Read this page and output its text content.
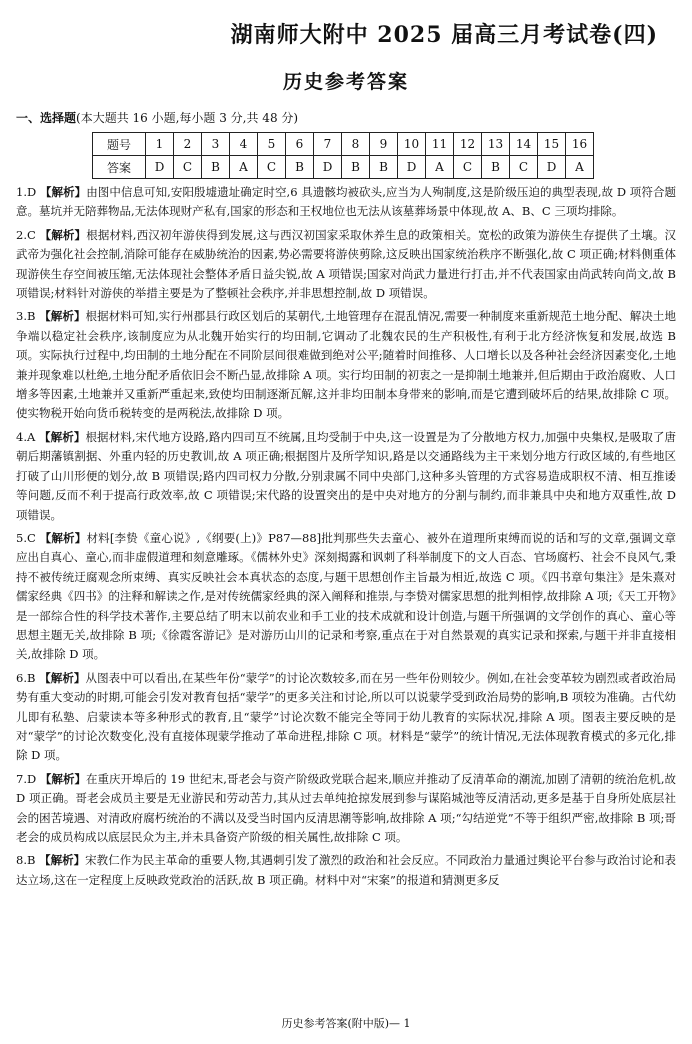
湖南师大附中 2025 届高三月考试卷(四)
历史参考答案
一、选择题(本大题共 16 小题,每小题 3 分,共 48 分)
题号	1	2	3	4	5	6	7	8	9	10	11	12	13	14	15	16
答案	D	C	B	A	C	B	D	B	B	D	A	C	B	C	D	A
1.D 【解析】由图中信息可知,安阳殷墟遗址确定时空,6 具遗骸均被砍头,应当为人殉制度,这是阶级压迫的典型表现,故 D 项符合题意。墓坑并无陪葬物品,无法体现财产私有,国家的形态和王权地位也无法从该墓葬场景中体现,故 A、B、C 三项均排除。
2.C 【解析】根据材料,西汉初年游侠得到发展,这与西汉初国家采取休养生息的政策相关。宽松的政策为游侠生存提供了土壤。汉武帝为强化社会控制,消除可能存在威胁统治的因素,势必需要将游侠剪除,这反映出国家统治秩序不断强化,故 C 项正确;材料侧重体现游侠生存空间被压缩,无法体现社会整体矛盾日益尖锐,故 A 项错误;国家对尚武力量进行打击,并不代表国家由尚武转向尚文,故 B 项错误;材料针对游侠的举措主要是为了整顿社会秩序,并非思想控制,故 D 项错误。
3.B 【解析】根据材料可知,实行州郡县行政区划后的某朝代,土地管理存在混乱情况,需要一种制度来重新规范土地分配、解决土地争端以稳定社会秩序,该制度应为从北魏开始实行的均田制,它调动了北魏农民的生产积极性,有利于北方经济恢复和发展,故选 B 项。实际执行过程中,均田制的土地分配在不同阶层间很难做到绝对公平;随着时间推移、人口增长以及各种社会经济因素变化,土地兼并现象难以杜绝,土地分配矛盾依旧会不断凸显,故排除 A 项。实行均田制的初衷之一是抑制土地兼并,但后期由于政治腐败、人口增多等因素,土地兼并又重新严重起来,致使均田制逐渐瓦解,这并非均田制本身带来的影响,而是它遭到破坏后的结果,故排除 C 项。使实物税开始向货币税转变的是两税法,故排除 D 项。
4.A 【解析】根据材料,宋代地方设路,路内四司互不统属,且均受制于中央,这一设置是为了分散地方权力,加强中央集权,是吸取了唐朝后期藩镇割据、外重内轻的历史教训,故 A 项正确;根据图片及所学知识,路是以交通路线为主干来划分地方行政区域的,有些地区打破了山川形便的划分,故 B 项错误;路内四司权力分散,分别隶属不同中央部门,这种多头管理的方式容易造成职权不清、相互推诿等问题,反而不利于提高行政效率,故 C 项错误;宋代路的设置突出的是中央对地方的分割与制约,而非兼具中央和地方双重性,故 D 项错误。
5.C 【解析】材料[李贽《童心说》,《纲要(上)》P87—88]批判那些失去童心、被外在道理所束缚而说的话和写的文章,强调文章应出自真心、童心,而非虚假道理和刻意雕琢。《儒林外史》深刻揭露和讽刺了科举制度下的文人百态、官场腐朽、社会不良风气,秉持不被传统迂腐观念所束缚、真实反映社会本真状态的态度,与题干思想创作主旨最为相近,故选 C 项。《四书章句集注》是朱熹对儒家经典《四书》的注释和解读之作,是对传统儒家经典的深入阐释和推崇,与李贽对儒家思想的批判相悖,故排除 A 项;《天工开物》是一部综合性的科学技术著作,主要总结了明末以前农业和手工业的技术成就和设计创造,与题干所强调的文学创作的真心、童心等思想主题无关,故排除 B 项;《徐霞客游记》是对游历山川的记录和考察,重点在于对自然景观的真实记录和探索,与题干并非直接相关,故排除 D 项。
6.B 【解析】从图表中可以看出,在某些年份“蒙学”的讨论次数较多,而在另一些年份则较少。例如,在社会变革较为剧烈或者政治局势有重大变动的时期,可能会引发对教育包括“蒙学”的更多关注和讨论,所以可以说蒙学受到政治局势的影响,B 项较为准确。古代幼儿即有私塾、启蒙读本等多种形式的教育,且“蒙学”讨论次数不能完全等同于幼儿教育的实际状况,排除 A 项。图表主要反映的是对“蒙学”的讨论次数变化,没有直接体现蒙学推动了革命进程,排除 C 项。材料是“蒙学”的统计情况,无法体现教育模式的多元化,排除 D 项。
7.D 【解析】在重庆开埠后的 19 世纪末,哥老会与资产阶级政党联合起来,顺应并推动了反清革命的潮流,加剧了清朝的统治危机,故 D 项正确。哥老会成员主要是无业游民和劳动苦力,其从过去单纯抢掠发展到参与谋陷城池等反清活动,更多是基于自身所处底层社会的困苦境遇、对清政府腐朽统治的不满以及受当时国内反清思潮等影响,故排除 A 项;“勾结逆党”不等于组织严密,故排除 B 项;哥老会的成员构成以底层民众为主,并未具备资产阶级的相关属性,故排除 C 项。
8.B 【解析】宋教仁作为民主革命的重要人物,其遇刺引发了激烈的政治和社会反应。不同政治力量通过舆论平台参与政治讨论和表达立场,这在一定程度上反映政党政治的活跃,故 B 项正确。材料中对“宋案”的报道和猜测更多反
历史参考答案(附中版)— 1
